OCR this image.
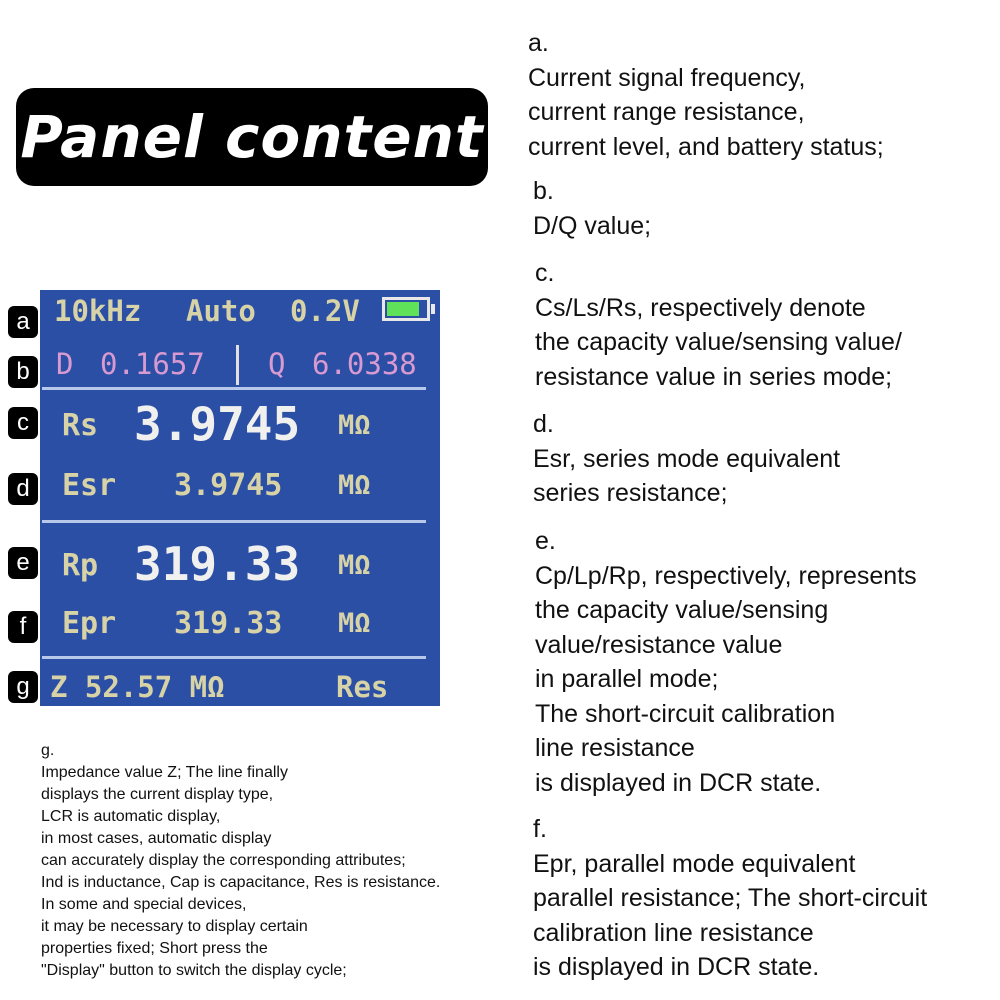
Panel content
10kHz Auto 0.2V
D 0.1657 Q 6.0338
Rs 3.9745 MΩ
Esr 3.9745 MΩ
Rp 319.33 MΩ
Epr 319.33 MΩ
Z 52.57 MΩ	Res
a
b
c
d
e
f
g
a.
Current signal frequency,
current range resistance,
current level, and battery status;
b.
D/Q value;
c.
Cs/Ls/Rs, respectively denote
the capacity value/sensing value/
resistance value in series mode;
d.
Esr, series mode equivalent
series resistance;
e.
Cp/Lp/Rp, respectively, represents
the capacity value/sensing
value/resistance value
in parallel mode;
The short-circuit calibration
line resistance
is displayed in DCR state.
f.
Epr, parallel mode equivalent
parallel resistance; The short-circuit
calibration line resistance
is displayed in DCR state.
g.
Impedance value Z; The line finally
displays the current display type,
LCR is automatic display,
in most cases, automatic display
can accurately display the corresponding attributes;
Ind is inductance, Cap is capacitance, Res is resistance.
In some and special devices,
it may be necessary to display certain
properties fixed; Short press the
"Display" button to switch the display cycle;
